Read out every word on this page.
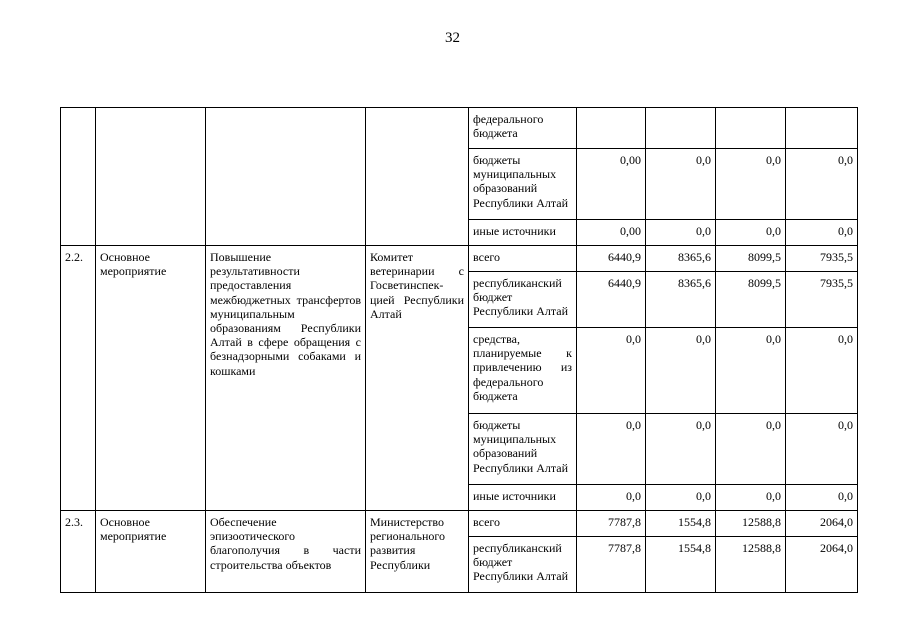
32
				федерального бюджета				
				бюджеты муниципальных образований Республики Алтай	0,00	0,0	0,0	0,0
				иные источники	0,00	0,0	0,0	0,0
2.2.	Основное мероприятие	Повышение результативности предоставления межбюджетных трансфертов муниципальным образованиям Республики Алтай в сфере обращения с безнадзорными собаками и кошками	Комитет ветеринарии с Госветинспек-цией Республики Алтай	всего	6440,9	8365,6	8099,5	7935,5
				республиканский бюджет Республики Алтай	6440,9	8365,6	8099,5	7935,5
				средства, планируемые к привлечению из федерального бюджета	0,0	0,0	0,0	0,0
				бюджеты муниципальных образований Республики Алтай	0,0	0,0	0,0	0,0
				иные источники	0,0	0,0	0,0	0,0
2.3.	Основное мероприятие	Обеспечение эпизоотического благополучия в части строительства объектов	Министерство регионального развития Республики	всего	7787,8	1554,8	12588,8	2064,0
				республиканский бюджет Республики Алтай	7787,8	1554,8	12588,8	2064,0
